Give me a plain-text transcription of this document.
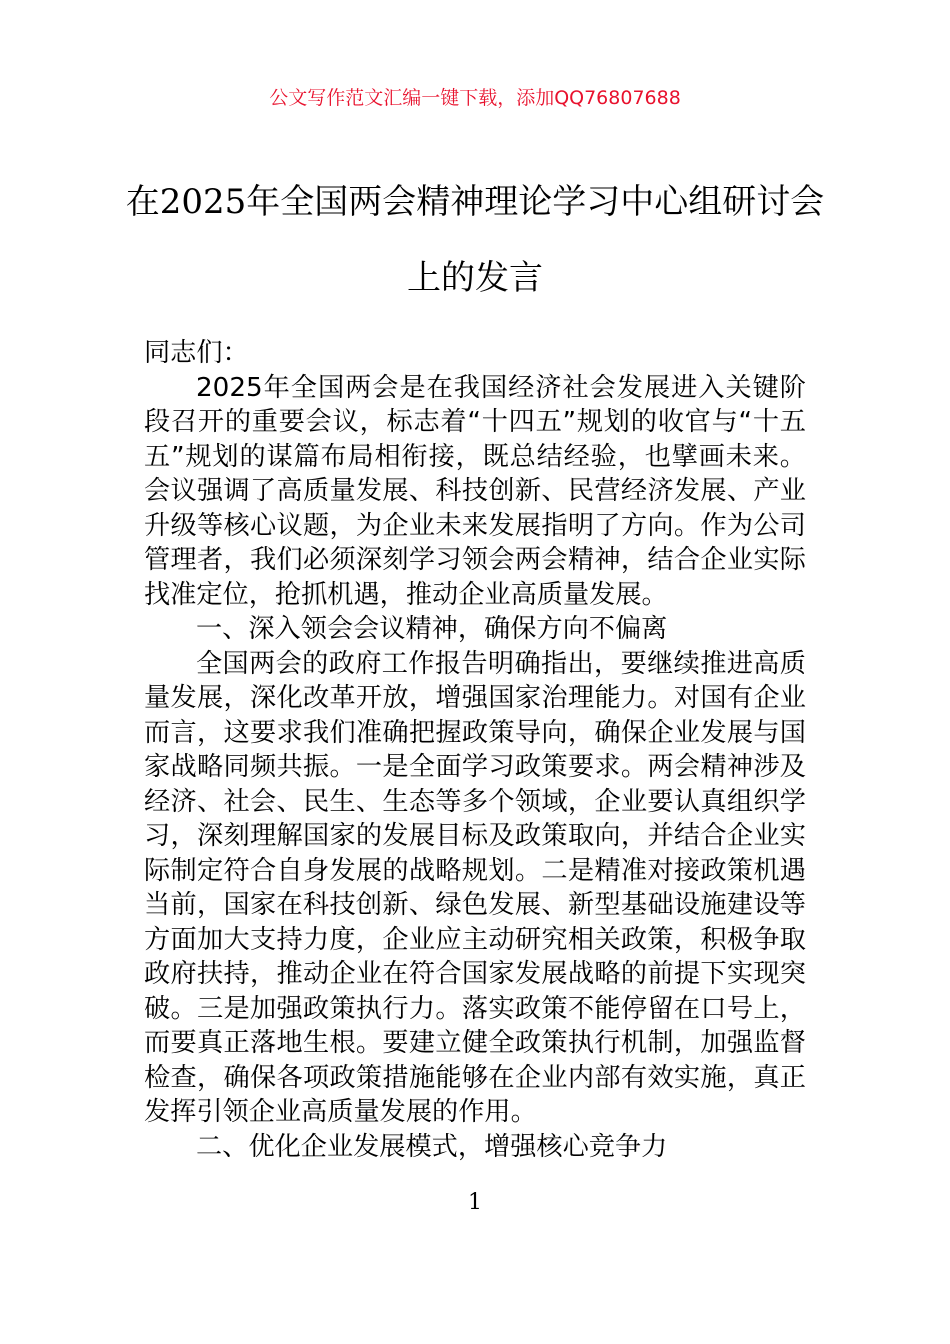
公文写作范文汇编一键下载，添加QQ76807688
在2025年全国两会精神理论学习中心组研讨会上的发言

同志们：

2025年全国两会是在我国经济社会发展进入关键阶段召开的重要会议，标志着“十四五”规划的收官与“十五五”规划的谋篇布局相衔接，既总结经验，也擘画未来。会议强调了高质量发展、科技创新、民营经济发展、产业升级等核心议题，为企业未来发展指明了方向。作为公司管理者，我们必须深刻学习领会两会精神，结合企业实际找准定位，抢抓机遇，推动企业高质量发展。

一、深入领会会议精神，确保方向不偏离

全国两会的政府工作报告明确指出，要继续推进高质量发展，深化改革开放，增强国家治理能力。对国有企业而言，这要求我们准确把握政策导向，确保企业发展与国家战略同频共振。一是全面学习政策要求。两会精神涉及经济、社会、民生、生态等多个领域，企业要认真组织学习，深刻理解国家的发展目标及政策取向，并结合企业实际制定符合自身发展的战略规划。二是精准对接政策机遇当前，国家在科技创新、绿色发展、新型基础设施建设等方面加大支持力度，企业应主动研究相关政策，积极争取政府扶持，推动企业在符合国家发展战略的前提下实现突破。三是加强政策执行力。落实政策不能停留在口号上，而要真正落地生根。要建立健全政策执行机制，加强监督检查，确保各项政策措施能够在企业内部有效实施，真正发挥引领企业高质量发展的作用。

二、优化企业发展模式，增强核心竞争力

1
